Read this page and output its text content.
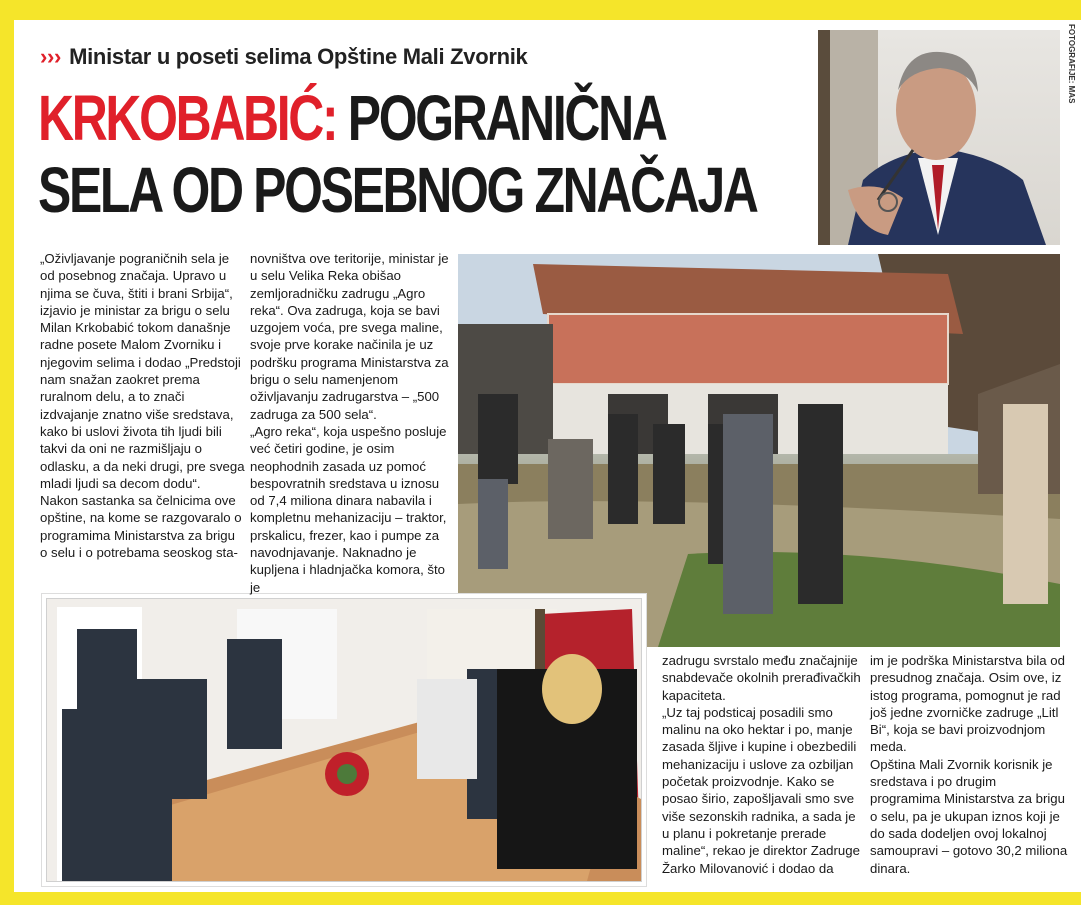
››› Ministar u poseti selima Opštine Mali Zvornik
KRKOBABIĆ: POGRANIČNA
SELA OD POSEBNOG ZNAČAJA
FOTOGRAFIJE: MAS

„Oživljavanje pograničnih sela je od posebnog značaja. Upravo u njima se čuva, štiti i brani Srbija“, izjavio je ministar za brigu o selu Milan Krkobabić tokom današnje radne posete Malom Zvorniku i njegovim selima i dodao „Predstoji nam snažan zaokret prema ruralnom delu, a to znači izdvajanje znatno više sredstava, kako bi uslovi života tih ljudi bili takvi da oni ne razmišljaju o odlasku, a da neki drugi, pre svega mladi ljudi sa decom dodu“.

Nakon sastanka sa čelnicima ove opštine, na kome se razgovaralo o programima Ministarstva za brigu o selu i o potrebama seoskog sta-

novništva ove teritorije, ministar je u selu Velika Reka obišao zemljoradničku zadrugu „Agro reka“. Ova zadruga, koja se bavi uzgojem voća, pre svega maline, svoje prve korake načinila je uz podršku programa Ministarstva za brigu o selu namenjenom oživljavanju zadrugarstva – „500 zadruga za 500 sela“.

„Agro reka“, koja uspešno posluje već četiri godine, je osim neophodnih zasada uz pomoć bespovratnih sredstava u iznosu od 7,4 miliona dinara nabavila i kompletnu mehanizaciju – traktor, prskalicu, frezer, kao i pumpe za navodnjavanje. Naknadno je kupljena i hladnjačka komora, što je

zadrugu svrstalo među značajnije snabdevače okolnih prerađivačkih kapaciteta.

„Uz taj podsticaj posadili smo malinu na oko hektar i po, manje zasada šljive i kupine i obezbedili mehanizaciju i uslove za ozbiljan početak proizvodnje. Kako se posao širio, zapošljavali smo sve više sezonskih radnika, a sada je u planu i pokretanje prerade maline“, rekao je direktor Zadruge Žarko Milovanović i dodao da

im je podrška Ministarstva bila od presudnog značaja. Osim ove, iz istog programa, pomognut je rad još jedne zvorničke zadruge „Litl Bi“, koja se bavi proizvodnjom meda.

Opština Mali Zvornik korisnik je sredstava i po drugim programima Ministarstva za brigu o selu, pa je ukupan iznos koji je do sada dodeljen ovoj lokalnoj samoupravi – gotovo 30,2 miliona dinara.
